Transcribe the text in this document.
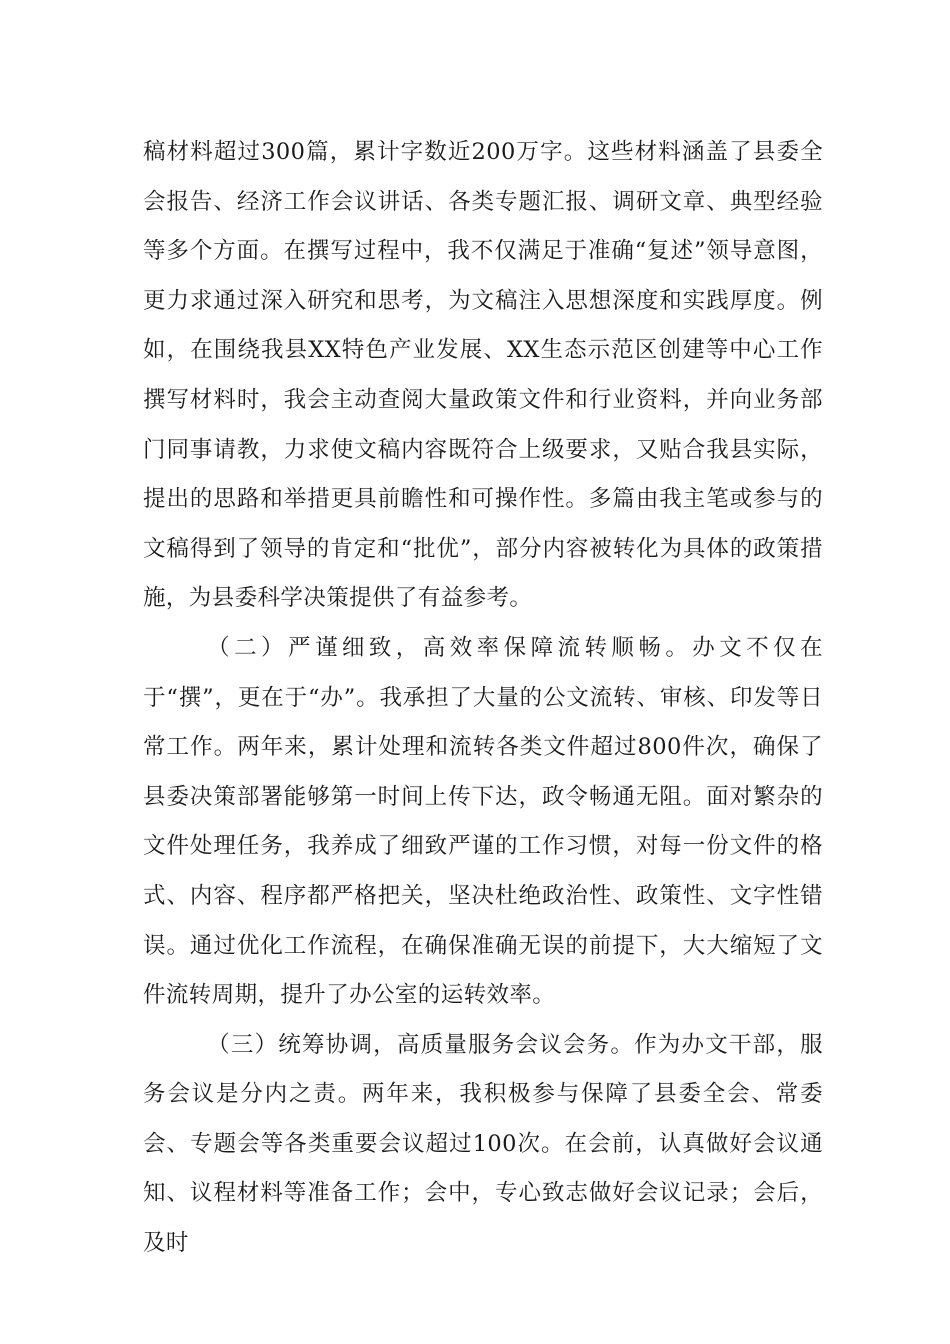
稿材料超过300篇，累计字数近200万字。这些材料涵盖了县委全会报告、经济工作会议讲话、各类专题汇报、调研文章、典型经验等多个方面。在撰写过程中，我不仅满足于准确“复述”领导意图，更力求通过深入研究和思考，为文稿注入思想深度和实践厚度。例如，在围绕我县XX特色产业发展、XX生态示范区创建等中心工作撰写材料时，我会主动查阅大量政策文件和行业资料，并向业务部门同事请教，力求使文稿内容既符合上级要求，又贴合我县实际，提出的思路和举措更具前瞻性和可操作性。多篇由我主笔或参与的文稿得到了领导的肯定和“批优”，部分内容被转化为具体的政策措施，为县委科学决策提供了有益参考。

（二）严谨细致，高效率保障流转顺畅。办文不仅在于“撰”，更在于“办”。我承担了大量的公文流转、审核、印发等日常工作。两年来，累计处理和流转各类文件超过800件次，确保了县委决策部署能够第一时间上传下达，政令畅通无阻。面对繁杂的文件处理任务，我养成了细致严谨的工作习惯，对每一份文件的格式、内容、程序都严格把关，坚决杜绝政治性、政策性、文字性错误。通过优化工作流程，在确保准确无误的前提下，大大缩短了文件流转周期，提升了办公室的运转效率。

（三）统筹协调，高质量服务会议会务。作为办文干部，服务会议是分内之责。两年来，我积极参与保障了县委全会、常委会、专题会等各类重要会议超过100次。在会前，认真做好会议通知、议程材料等准备工作；会中，专心致志做好会议记录；会后，及时
